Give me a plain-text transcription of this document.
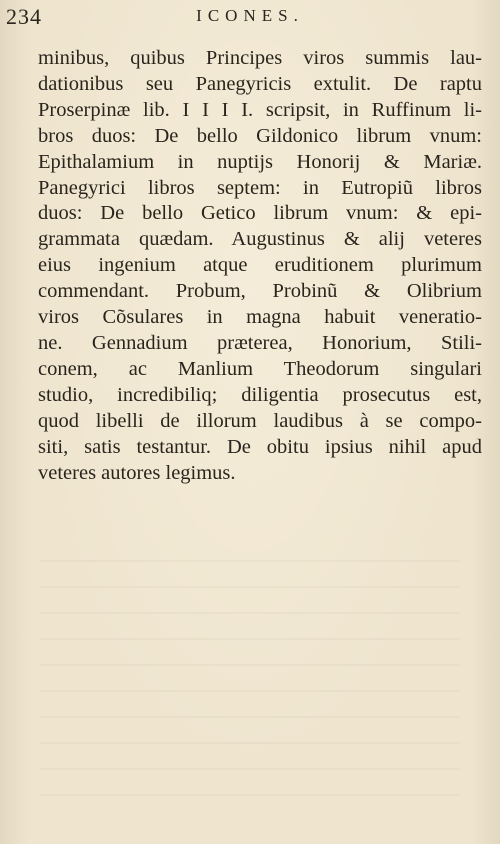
234	ICONES.
minibus, quibus Principes viros summis lau-
dationibus seu Panegyricis extulit. De raptu
Proserpinæ lib. I I I I. scripsit, in Ruffinum li-
bros duos: De bello Gildonico librum vnum:
Epithalamium in nuptijs Honorij & Mariæ.
Panegyrici libros septem: in Eutropiũ libros
duos: De bello Getico librum vnum: & epi-
grammata quædam. Augustinus & alij veteres
eius ingenium atque eruditionem plurimum
commendant. Probum, Probinũ & Olibrium
viros Cõsulares in magna habuit veneratio-
ne. Gennadium præterea, Honorium, Stili-
conem, ac Manlium Theodorum singulari
studio, incredibiliq; diligentia prosecutus est,
quod libelli de illorum laudibus à se compo-
siti, satis testantur. De obitu ipsius nihil apud
veteres autores legimus.
